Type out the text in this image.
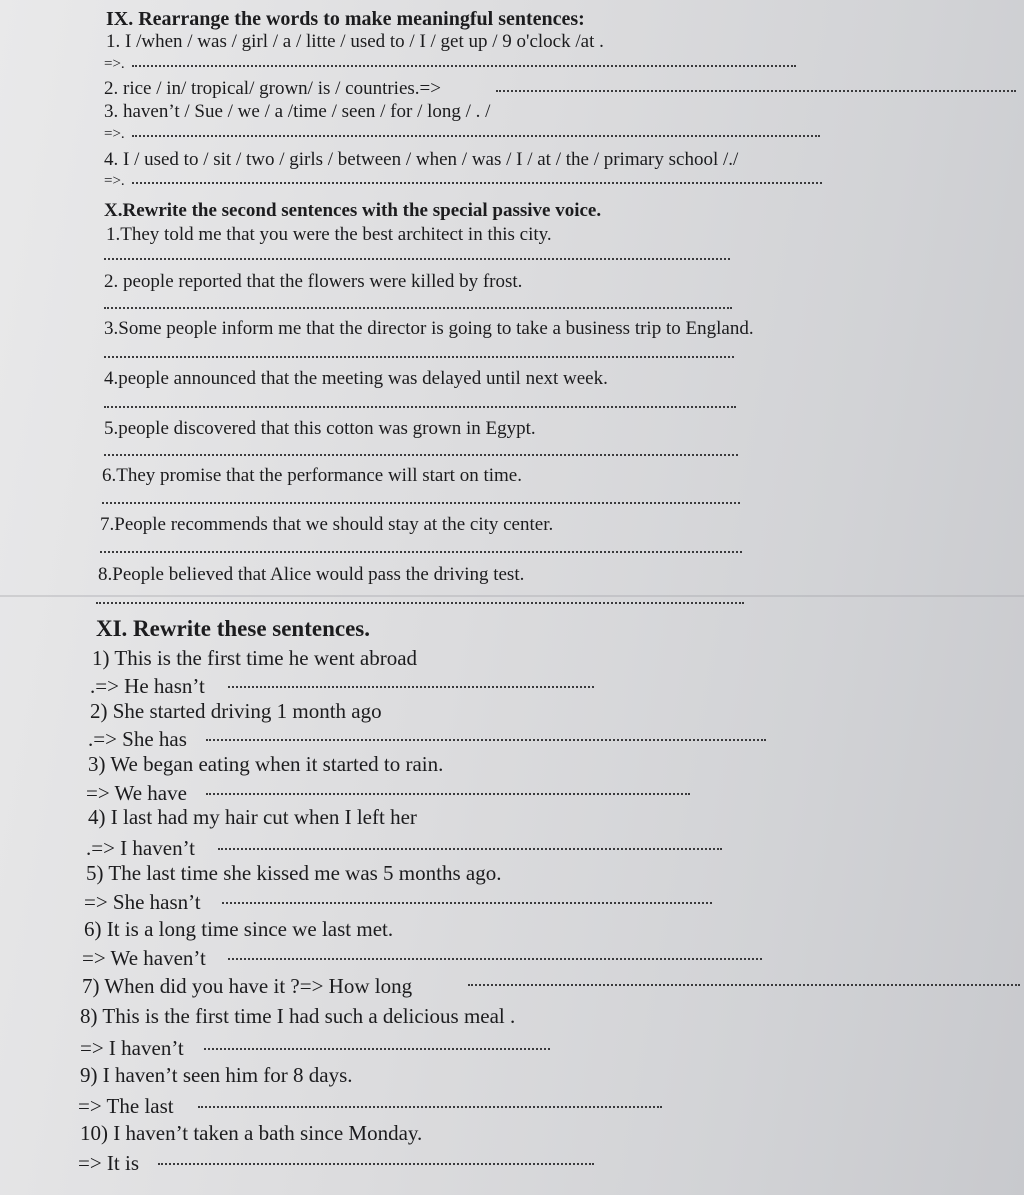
IX. Rearrange the words to make meaningful sentences:
1. I /when / was / girl / a / litte / used to / I / get up / 9 o'clock /at .
=>.
2. rice / in/ tropical/ grown/ is / countries.=>
3. haven’t / Sue / we / a /time / seen / for / long / . /
=>.
4. I / used to / sit / two / girls / between / when / was / I / at / the / primary school /./
=>.
X.Rewrite the second sentences with the special passive voice.
1.They told me that you were the best architect in this city.
2. people reported that the flowers were killed by frost.
3.Some people inform me that the director is going to take a business trip to England.
4.people announced that the meeting was delayed until next week.
5.people discovered that this cotton was grown in Egypt.
6.They promise that the performance will start on time.
7.People recommends that we should stay at the city center.
8.People believed that Alice would pass the driving test.
XI. Rewrite these sentences.
1) This is the first time he went abroad
.=> He hasn’t
2) She started driving 1 month ago
.=> She has
3) We began eating when it started to rain.
=> We have
4) I last had my hair cut when I left her
.=> I haven’t
5) The last time she kissed me was 5 months ago.
=> She hasn’t
6) It is a long time since we last met.
=> We haven’t
7) When did you have it ?=> How long
8) This is the first time I had such a delicious meal .
=> I haven’t
9) I haven’t seen him for 8 days.
=> The last
10) I haven’t taken a bath since Monday.
=> It is
